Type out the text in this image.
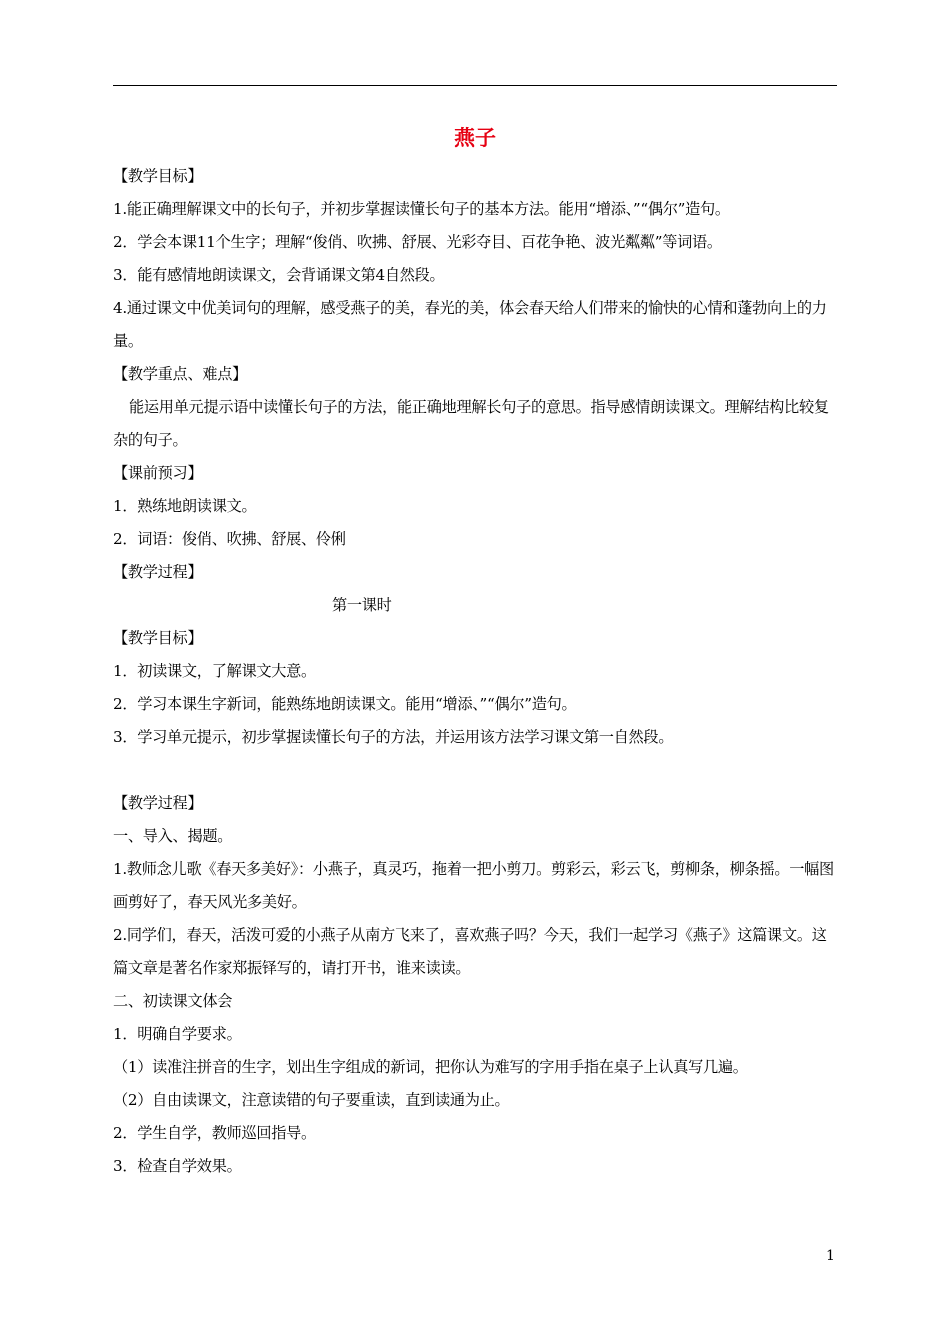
燕子

【教学目标】

1.能正确理解课文中的长句子，并初步掌握读懂长句子的基本方法。能用“增添、”“偶尔”造句。

2．学会本课11个生字；理解“俊俏、吹拂、舒展、光彩夺目、百花争艳、波光粼粼”等词语。

3．能有感情地朗读课文，会背诵课文第4自然段。

4.通过课文中优美词句的理解，感受燕子的美，春光的美，体会春天给人们带来的愉快的心情和蓬勃向上的力量。

【教学重点、难点】

能运用单元提示语中读懂长句子的方法，能正确地理解长句子的意思。指导感情朗读课文。理解结构比较复杂的句子。

【课前预习】

1．熟练地朗读课文。

2．词语：俊俏、吹拂、舒展、伶俐

【教学过程】

第一课时

【教学目标】

1．初读课文，了解课文大意。

2．学习本课生字新词，能熟练地朗读课文。能用“增添、”“偶尔”造句。

3．学习单元提示，初步掌握读懂长句子的方法，并运用该方法学习课文第一自然段。

【教学过程】

一、导入、揭题。

1.教师念儿歌《春天多美好》：小燕子，真灵巧，拖着一把小剪刀。剪彩云，彩云飞，剪柳条，柳条摇。一幅图画剪好了，春天风光多美好。

2.同学们，春天，活泼可爱的小燕子从南方飞来了，喜欢燕子吗？今天，我们一起学习《燕子》这篇课文。这篇文章是著名作家郑振铎写的，请打开书，谁来读读。

二、初读课文体会

1．明确自学要求。

（1）读准注拼音的生字，划出生字组成的新词，把你认为难写的字用手指在桌子上认真写几遍。

（2）自由读课文，注意读错的句子要重读，直到读通为止。

2．学生自学，教师巡回指导。

3．检查自学效果。

1
